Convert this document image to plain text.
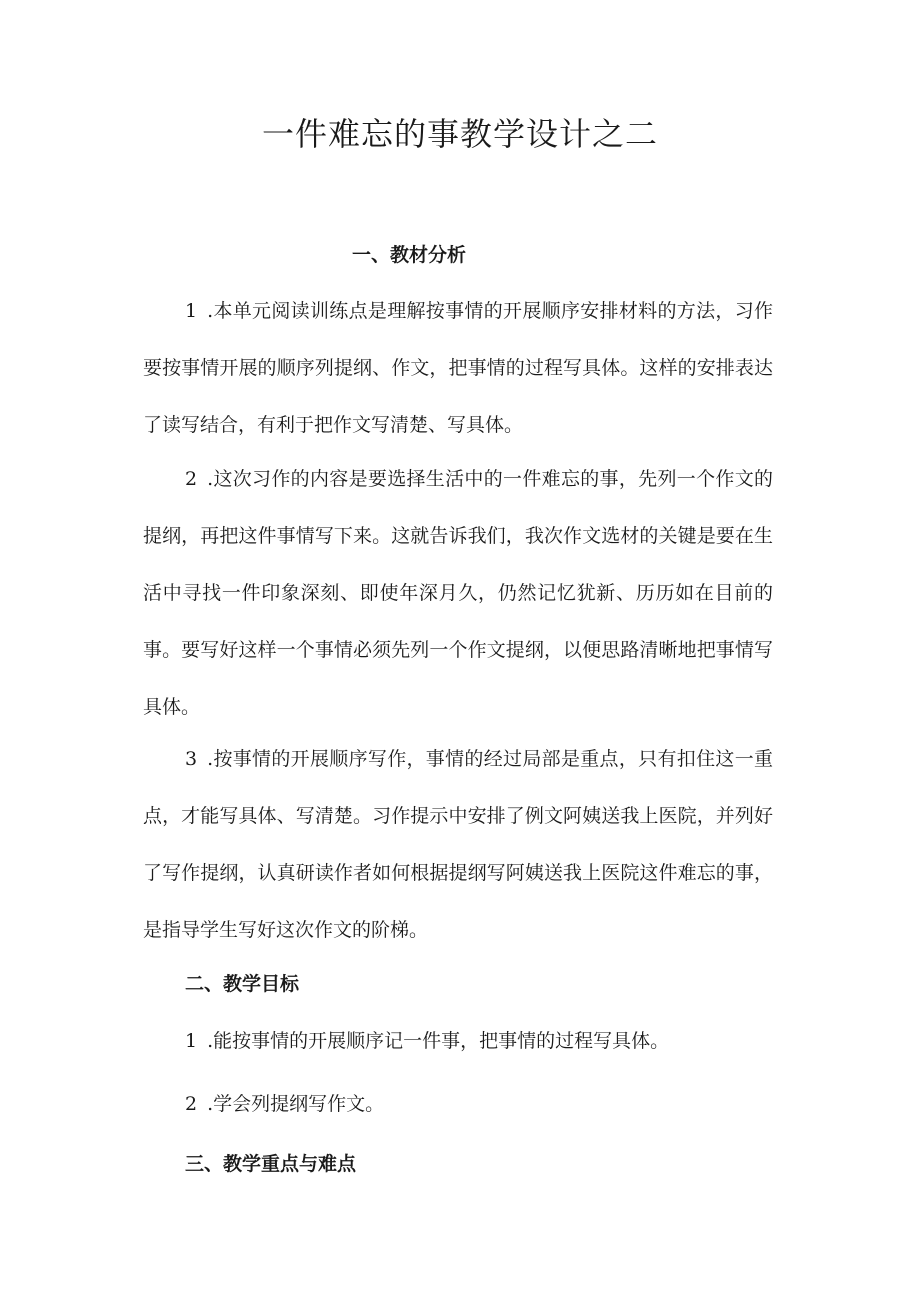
一件难忘的事教学设计之二
一、教材分析

1 .本单元阅读训练点是理解按事情的开展顺序安排材料的方法，习作要按事情开展的顺序列提纲、作文，把事情的过程写具体。这样的安排表达了读写结合，有利于把作文写清楚、写具体。

2 .这次习作的内容是要选择生活中的一件难忘的事，先列一个作文的提纲，再把这件事情写下来。这就告诉我们，我次作文选材的关键是要在生活中寻找一件印象深刻、即使年深月久，仍然记忆犹新、历历如在目前的事。要写好这样一个事情必须先列一个作文提纲，以便思路清晰地把事情写具体。

3 .按事情的开展顺序写作，事情的经过局部是重点，只有扣住这一重点，才能写具体、写清楚。习作提示中安排了例文阿姨送我上医院，并列好了写作提纲，认真研读作者如何根据提纲写阿姨送我上医院这件难忘的事，是指导学生写好这次作文的阶梯。

二、教学目标

1 .能按事情的开展顺序记一件事，把事情的过程写具体。

2 .学会列提纲写作文。

三、教学重点与难点
